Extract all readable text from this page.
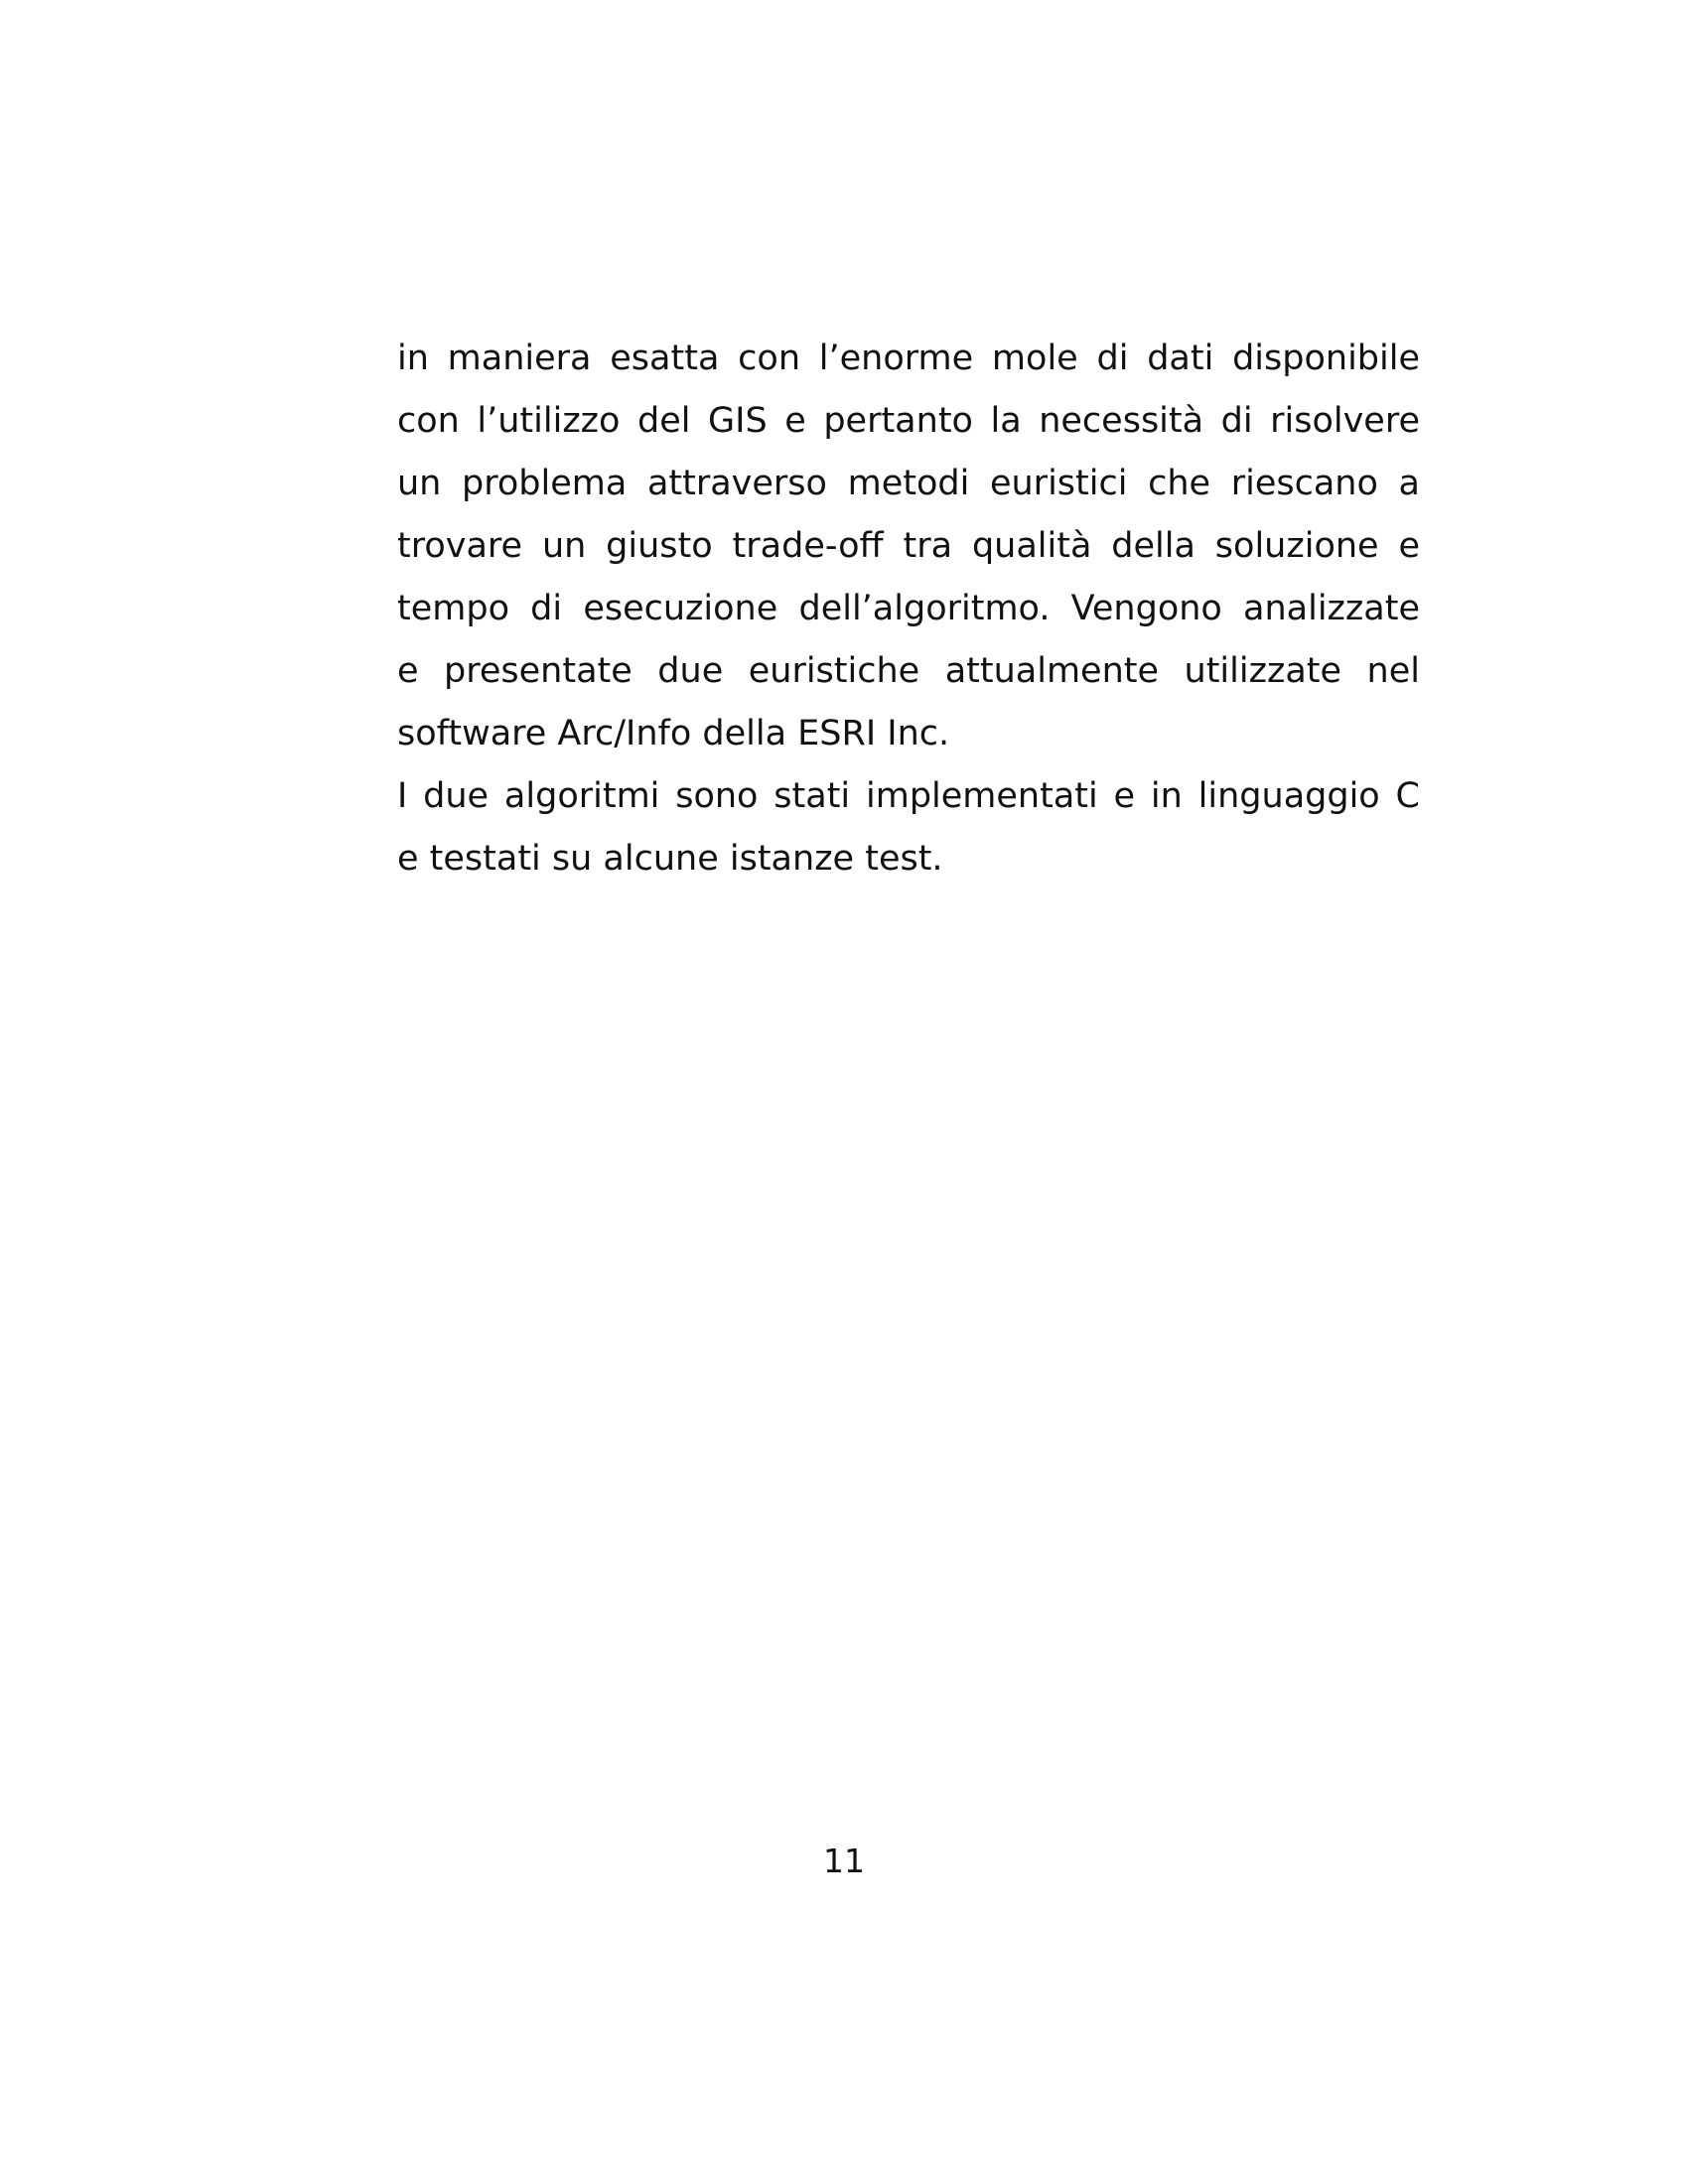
in maniera esatta con l’enorme mole di dati disponibile
con l’utilizzo del GIS e pertanto la necessità di risolvere
un problema attraverso metodi euristici che riescano a
trovare un giusto trade-off tra qualità della soluzione e
tempo di esecuzione dell’algoritmo. Vengono analizzate
e presentate due euristiche attualmente utilizzate nel
software Arc/Info della ESRI Inc.
I due algoritmi sono stati implementati e in linguaggio C
e testati su alcune istanze test.
11
